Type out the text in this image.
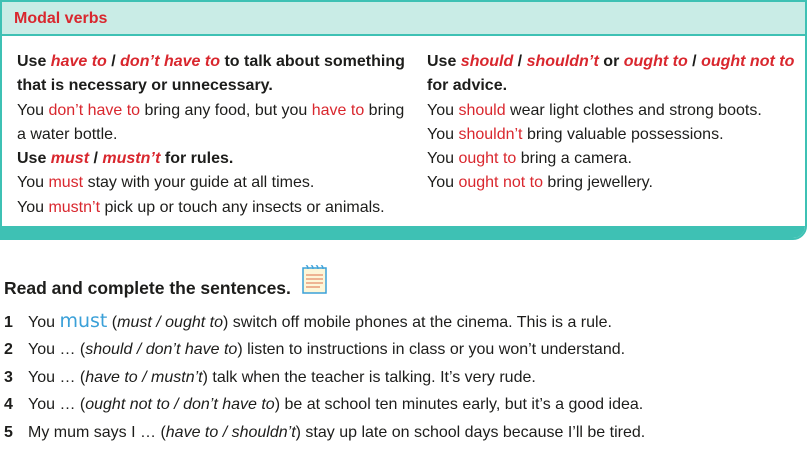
Modal verbs

Use have to / don’t have to to talk about something that is necessary or unnecessary.

You don’t have to bring any food, but you have to bring a water bottle.

Use must / mustn’t for rules.

You must stay with your guide at all times.

You mustn’t pick up or touch any insects or animals.

Use should / shouldn’t or ought to / ought not to for advice.

You should wear light clothes and strong boots.

You shouldn’t bring valuable possessions.

You ought to bring a camera.

You ought not to bring jewellery.

Read and complete the sentences.
1 You must (must / ought to) switch off mobile phones at the cinema. This is a rule.
2 You … (should / don’t have to) listen to instructions in class or you won’t understand.
3 You … (have to / mustn’t) talk when the teacher is talking. It’s very rude.
4 You … (ought not to / don’t have to) be at school ten minutes early, but it’s a good idea.
5 My mum says I … (have to / shouldn’t) stay up late on school days because I’ll be tired.
